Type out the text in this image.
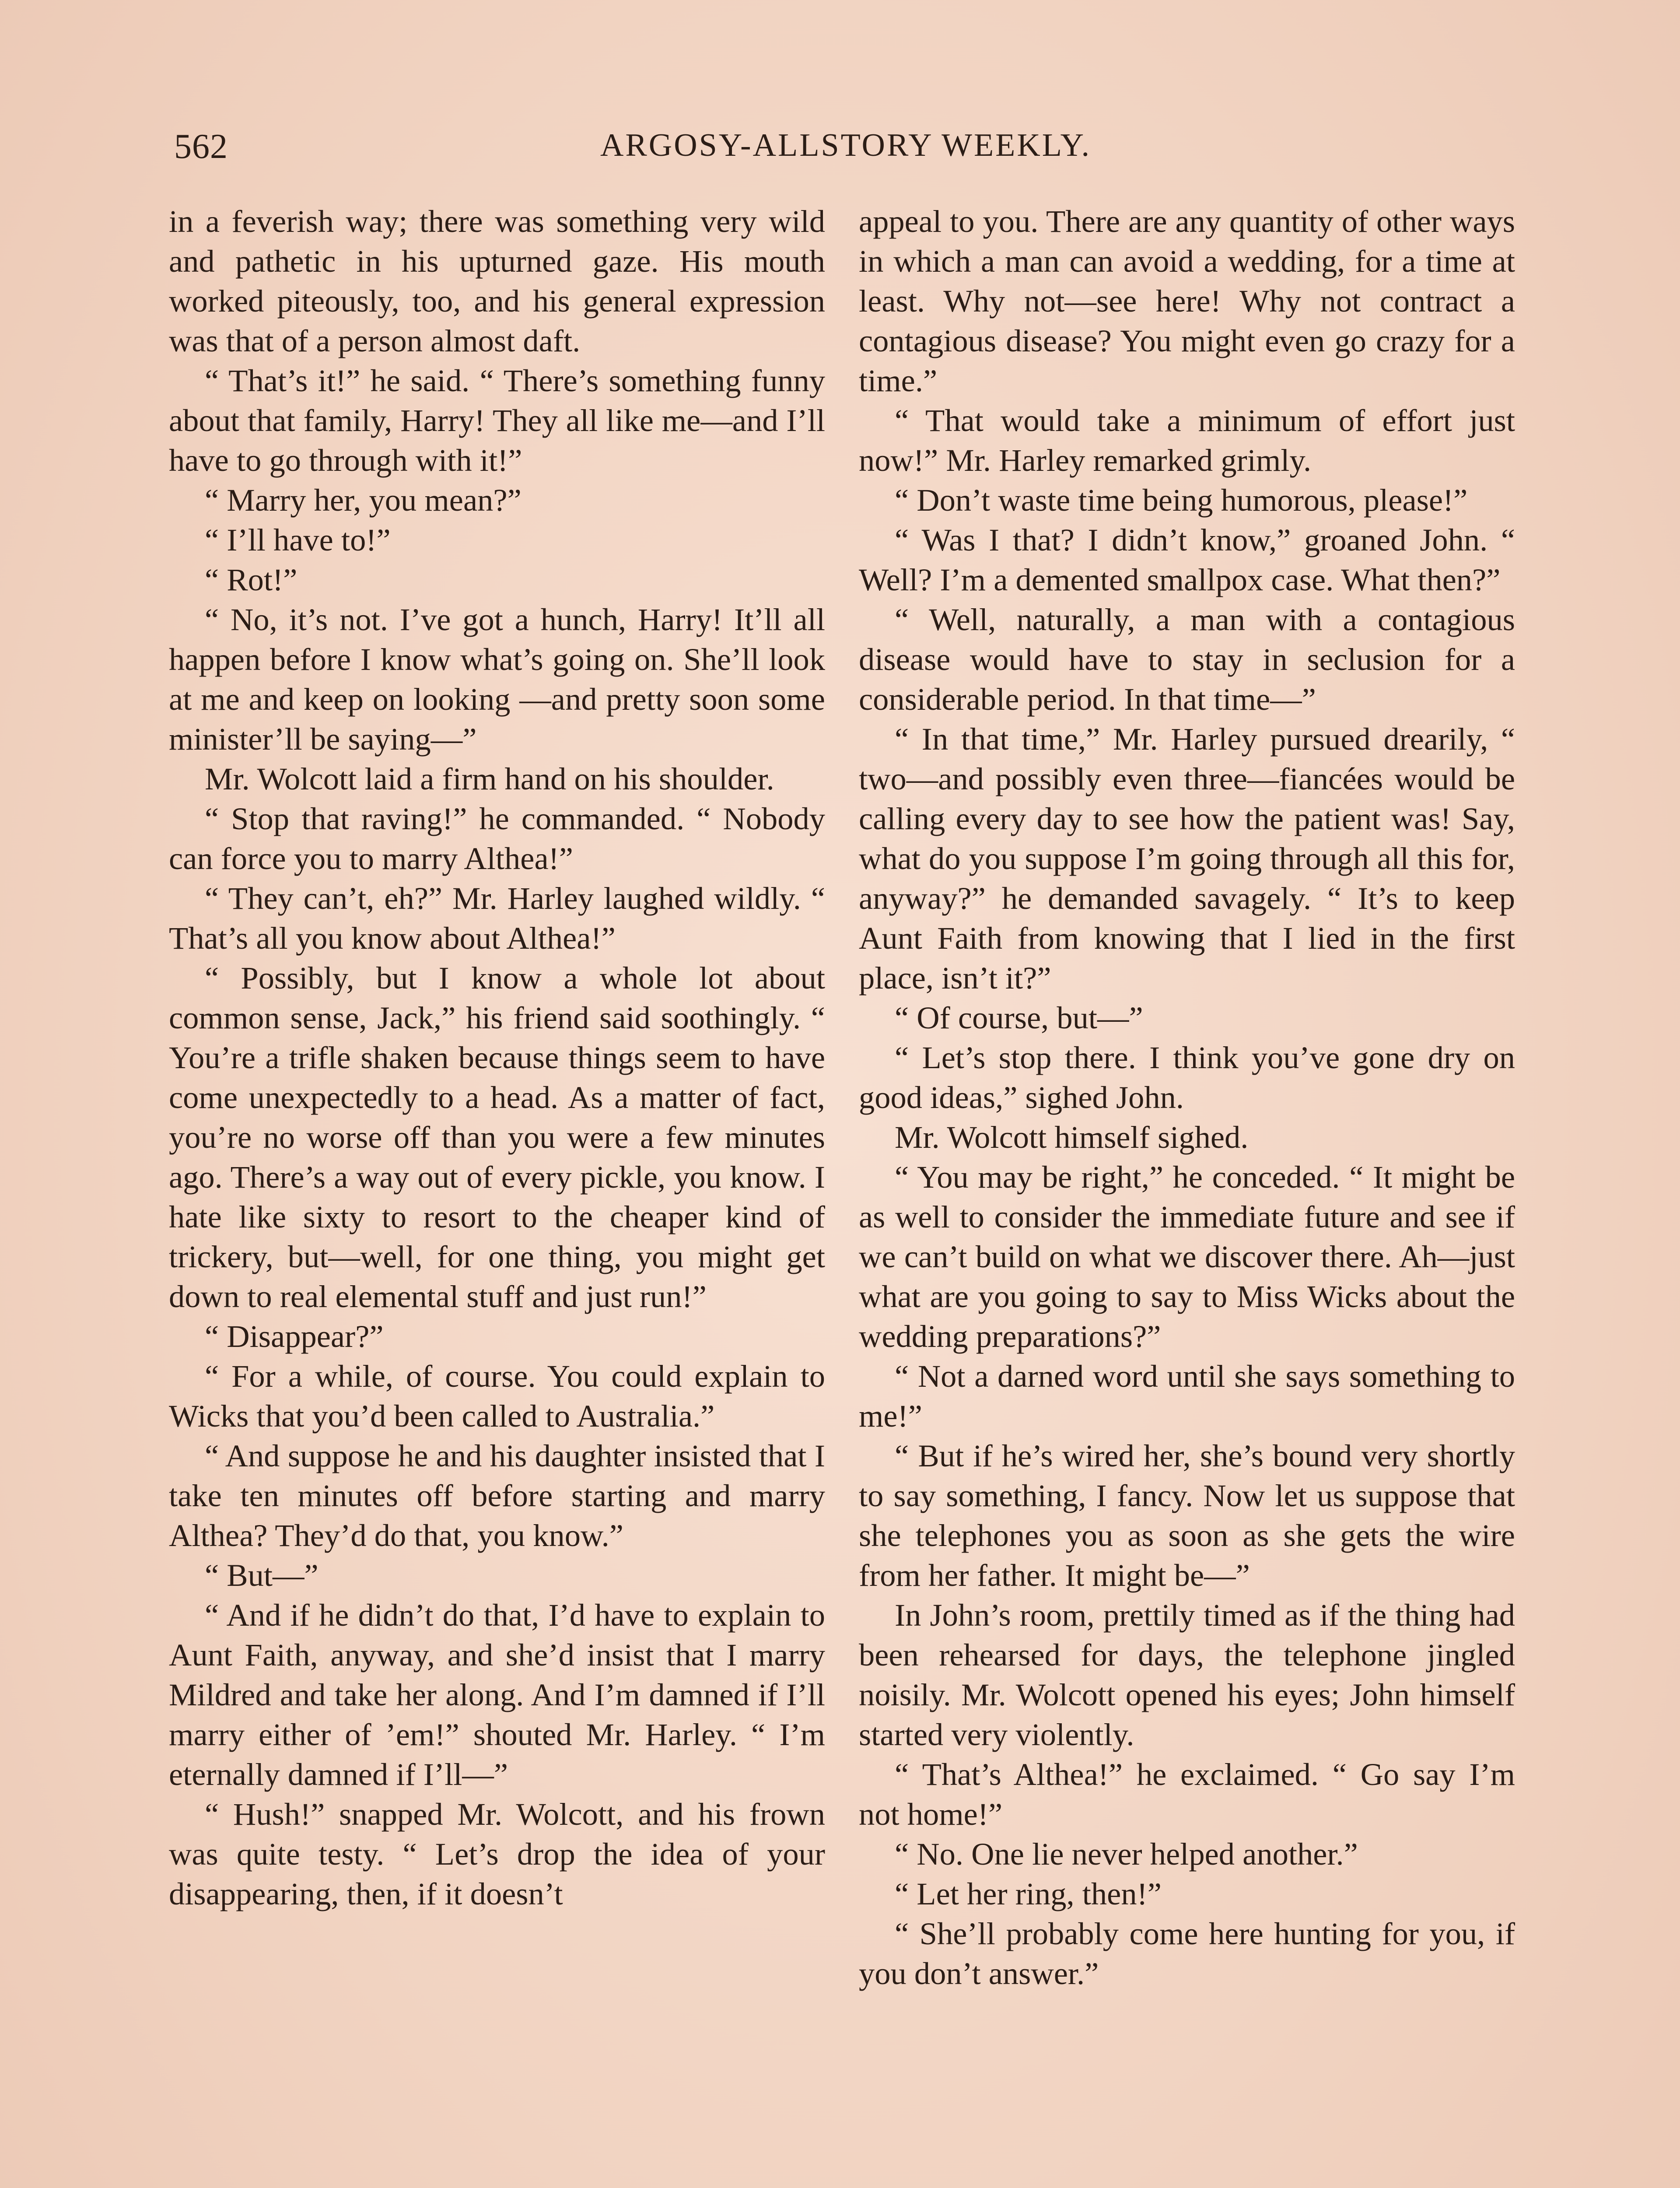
562	ARGOSY-ALLSTORY WEEKLY.

in a feverish way; there was something very wild and pathetic in his upturned gaze. His mouth worked piteously, too, and his general expression was that of a person almost daft.

“ That’s it!” he said. “ There’s something funny about that family, Harry! They all like me—and I’ll have to go through with it!”

“ Marry her, you mean?”

“ I’ll have to!”

“ Rot!”

“ No, it’s not. I’ve got a hunch, Harry! It’ll all happen before I know what’s going on. She’ll look at me and keep on looking —and pretty soon some minister’ll be saying—”

Mr. Wolcott laid a firm hand on his shoulder.

“ Stop that raving!” he commanded. “ Nobody can force you to marry Althea!”

“ They can’t, eh?” Mr. Harley laughed wildly. “ That’s all you know about Althea!”

“ Possibly, but I know a whole lot about common sense, Jack,” his friend said soothingly. “ You’re a trifle shaken because things seem to have come unexpectedly to a head. As a matter of fact, you’re no worse off than you were a few minutes ago. There’s a way out of every pickle, you know. I hate like sixty to resort to the cheaper kind of trickery, but—well, for one thing, you might get down to real elemental stuff and just run!”

“ Disappear?”

“ For a while, of course. You could explain to Wicks that you’d been called to Australia.”

“ And suppose he and his daughter insisted that I take ten minutes off before starting and marry Althea? They’d do that, you know.”

“ But—”

“ And if he didn’t do that, I’d have to explain to Aunt Faith, anyway, and she’d insist that I marry Mildred and take her along. And I’m damned if I’ll marry either of ’em!” shouted Mr. Harley. “ I’m eternally damned if I’ll—”

“ Hush!” snapped Mr. Wolcott, and his frown was quite testy. “ Let’s drop the idea of your disappearing, then, if it doesn’t

appeal to you. There are any quantity of other ways in which a man can avoid a wedding, for a time at least. Why not—see here! Why not contract a contagious disease? You might even go crazy for a time.”

“ That would take a minimum of effort just now!” Mr. Harley remarked grimly.

“ Don’t waste time being humorous, please!”

“ Was I that? I didn’t know,” groaned John. “ Well? I’m a demented smallpox case. What then?”

“ Well, naturally, a man with a contagious disease would have to stay in seclusion for a considerable period. In that time—”

“ In that time,” Mr. Harley pursued drearily, “ two—and possibly even three—fiancées would be calling every day to see how the patient was! Say, what do you suppose I’m going through all this for, anyway?” he demanded savagely. “ It’s to keep Aunt Faith from knowing that I lied in the first place, isn’t it?”

“ Of course, but—”

“ Let’s stop there. I think you’ve gone dry on good ideas,” sighed John.

Mr. Wolcott himself sighed.

“ You may be right,” he conceded. “ It might be as well to consider the immediate future and see if we can’t build on what we discover there. Ah—just what are you going to say to Miss Wicks about the wedding preparations?”

“ Not a darned word until she says something to me!”

“ But if he’s wired her, she’s bound very shortly to say something, I fancy. Now let us suppose that she telephones you as soon as she gets the wire from her father. It might be—”

In John’s room, prettily timed as if the thing had been rehearsed for days, the telephone jingled noisily. Mr. Wolcott opened his eyes; John himself started very violently.

“ That’s Althea!” he exclaimed. “ Go say I’m not home!”

“ No. One lie never helped another.”

“ Let her ring, then!”

“ She’ll probably come here hunting for you, if you don’t answer.”
